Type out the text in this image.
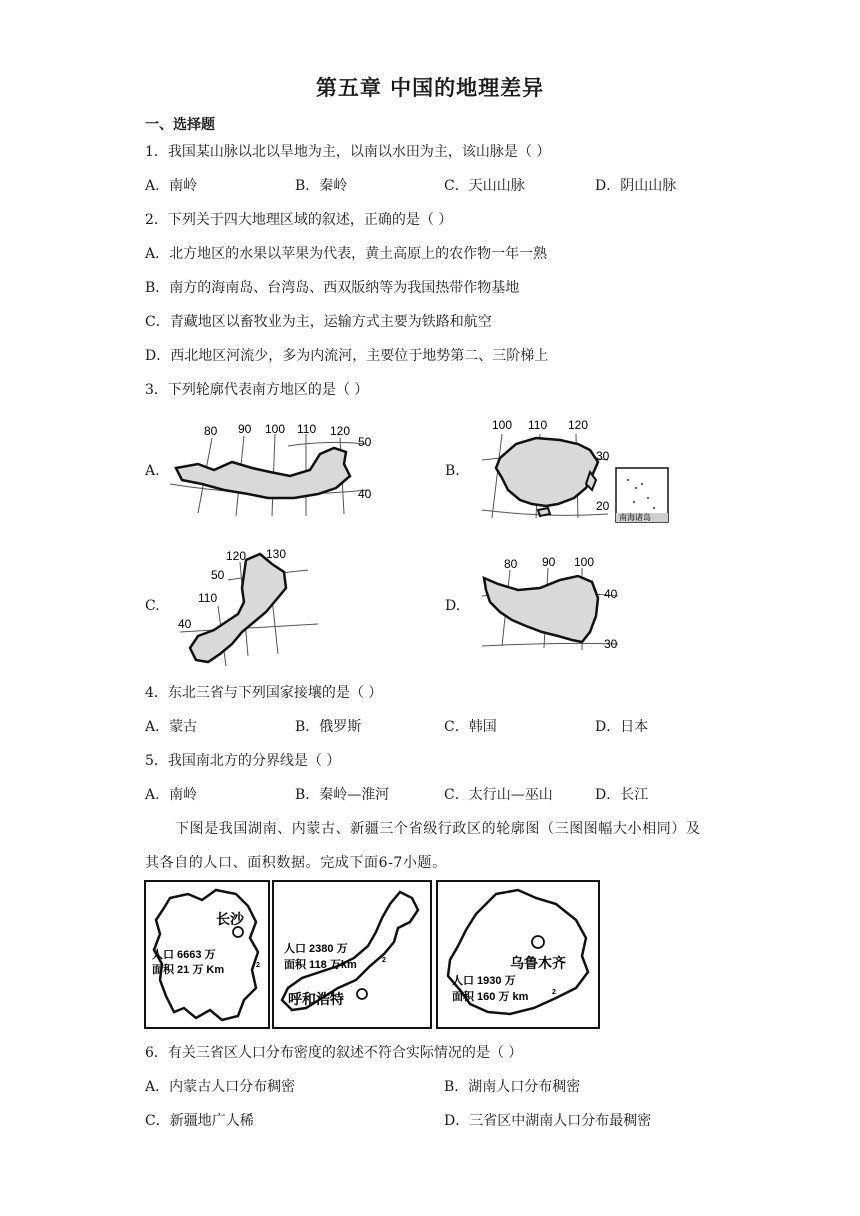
第五章 中国的地理差异
一、选择题
1．我国某山脉以北以旱地为主，以南以水田为主，该山脉是（ ）
A．南岭	B．秦岭	C．天山山脉	D．阴山山脉
2．下列关于四大地理区域的叙述，正确的是（ ）
A．北方地区的水果以苹果为代表，黄土高原上的农作物一年一熟
B．南方的海南岛、台湾岛、西双版纳等为我国热带作物基地
C．青藏地区以畜牧业为主，运输方式主要为铁路和航空
D．西北地区河流少，多为内流河，主要位于地势第二、三阶梯上
3．下列轮廓代表南方地区的是（ ）
A.	B.
C.	D.
80 90 100 110 120
50
40
100 110 120
30
20
南海诸岛
120 130
110
50
40
80 90 100
40
30
4．东北三省与下列国家接壤的是（ ）
A．蒙古	B．俄罗斯	C．韩国	D．日本
5．我国南北方的分界线是（ ）
A．南岭	B．秦岭—淮河	C．太行山—巫山	D．长江
下图是我国湖南、内蒙古、新疆三个省级行政区的轮廓图（三图图幅大小相同）及
其各自的人口、面积数据。完成下面6-7小题。
长沙
人口 6663 万
面积 21 万 Km	2
呼和浩特
人口 2380 万
面积 118 万km	2	乌鲁木齐
人口 1930 万
面积 160 万 km	2
6．有关三省区人口分布密度的叙述不符合实际情况的是（ ）
A．内蒙古人口分布稠密	B．湖南人口分布稠密
C．新疆地广人稀	D．三省区中湖南人口分布最稠密
